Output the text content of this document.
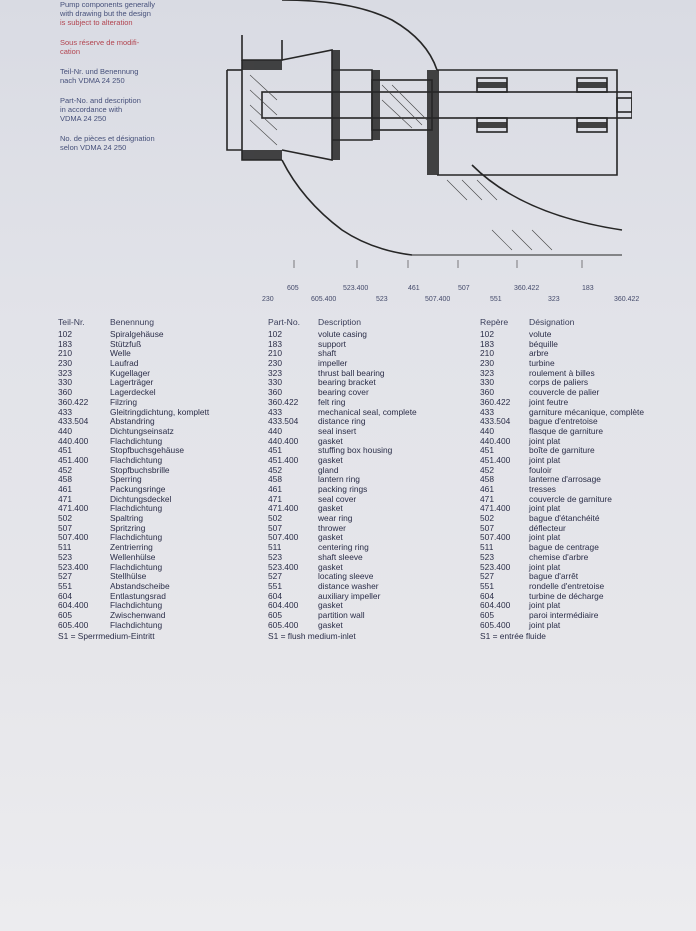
Pump components generally
with drawing but the design
is subject to alteration
Sous réserve de modifi-
cation
Teil-Nr. und Benennung
nach VDMA 24 250
Part-No. and description
in accordance with
VDMA 24 250
No. de pièces et désignation
selon VDMA 24 250
605	523.400	461	507	360.422	183
230	605.400	523	507.400	551	323	360.422
Teil-Nr.	Benennung
102	Spiralgehäuse
183	Stützfuß
210	Welle
230	Laufrad
323	Kugellager
330	Lagerträger
360	Lagerdeckel
360.422	Filzring
433	Gleitringdichtung, komplett
433.504	Abstandring
440	Dichtungseinsatz
440.400	Flachdichtung
451	Stopfbuchsgehäuse
451.400	Flachdichtung
452	Stopfbuchsbrille
458	Sperring
461	Packungsringe
471	Dichtungsdeckel
471.400	Flachdichtung
502	Spaltring
507	Spritzring
507.400	Flachdichtung
511	Zentrierring
523	Wellenhülse
523.400	Flachdichtung
527	Stellhülse
551	Abstandscheibe
604	Entlastungsrad
604.400	Flachdichtung
605	Zwischenwand
605.400	Flachdichtung
S1 = Sperrmedium-Eintritt
Part-No. Description
102	volute casing
183	support
210	shaft
230	impeller
323	thrust ball bearing
330	bearing bracket
360	bearing cover
360.422 felt ring
433	mechanical seal, complete
433.504 distance ring
440	seal insert
440.400 gasket
451	stuffing box housing
451.400 gasket
452	gland
458	lantern ring
461	packing rings
471	seal cover
471.400 gasket
502	wear ring
507	thrower
507.400 gasket
511	centering ring
523	shaft sleeve
523.400 gasket
527	locating sleeve
551	distance washer
604	auxiliary impeller
604.400 gasket
605	partition wall
605.400 gasket
S1 = flush medium-inlet
Repère Désignation
102	volute
183	béquille
210	arbre
230	turbine
323	roulement à billes
330	corps de paliers
360	couvercle de palier
360.422 joint feutre
433	garniture mécanique, complète
433.504 bague d'entretoise
440	flasque de garniture
440.400 joint plat
451	boîte de garniture
451.400 joint plat
452	fouloir
458	lanterne d'arrosage
461	tresses
471	couvercle de garniture
471.400 joint plat
502	bague d'étanchéité
507	déflecteur
507.400 joint plat
511	bague de centrage
523	chemise d'arbre
523.400 joint plat
527	bague d'arrêt
551	rondelle d'entretoise
604	turbine de décharge
604.400 joint plat
605	paroi intermédiaire
605.400 joint plat
S1 = entrée fluide
